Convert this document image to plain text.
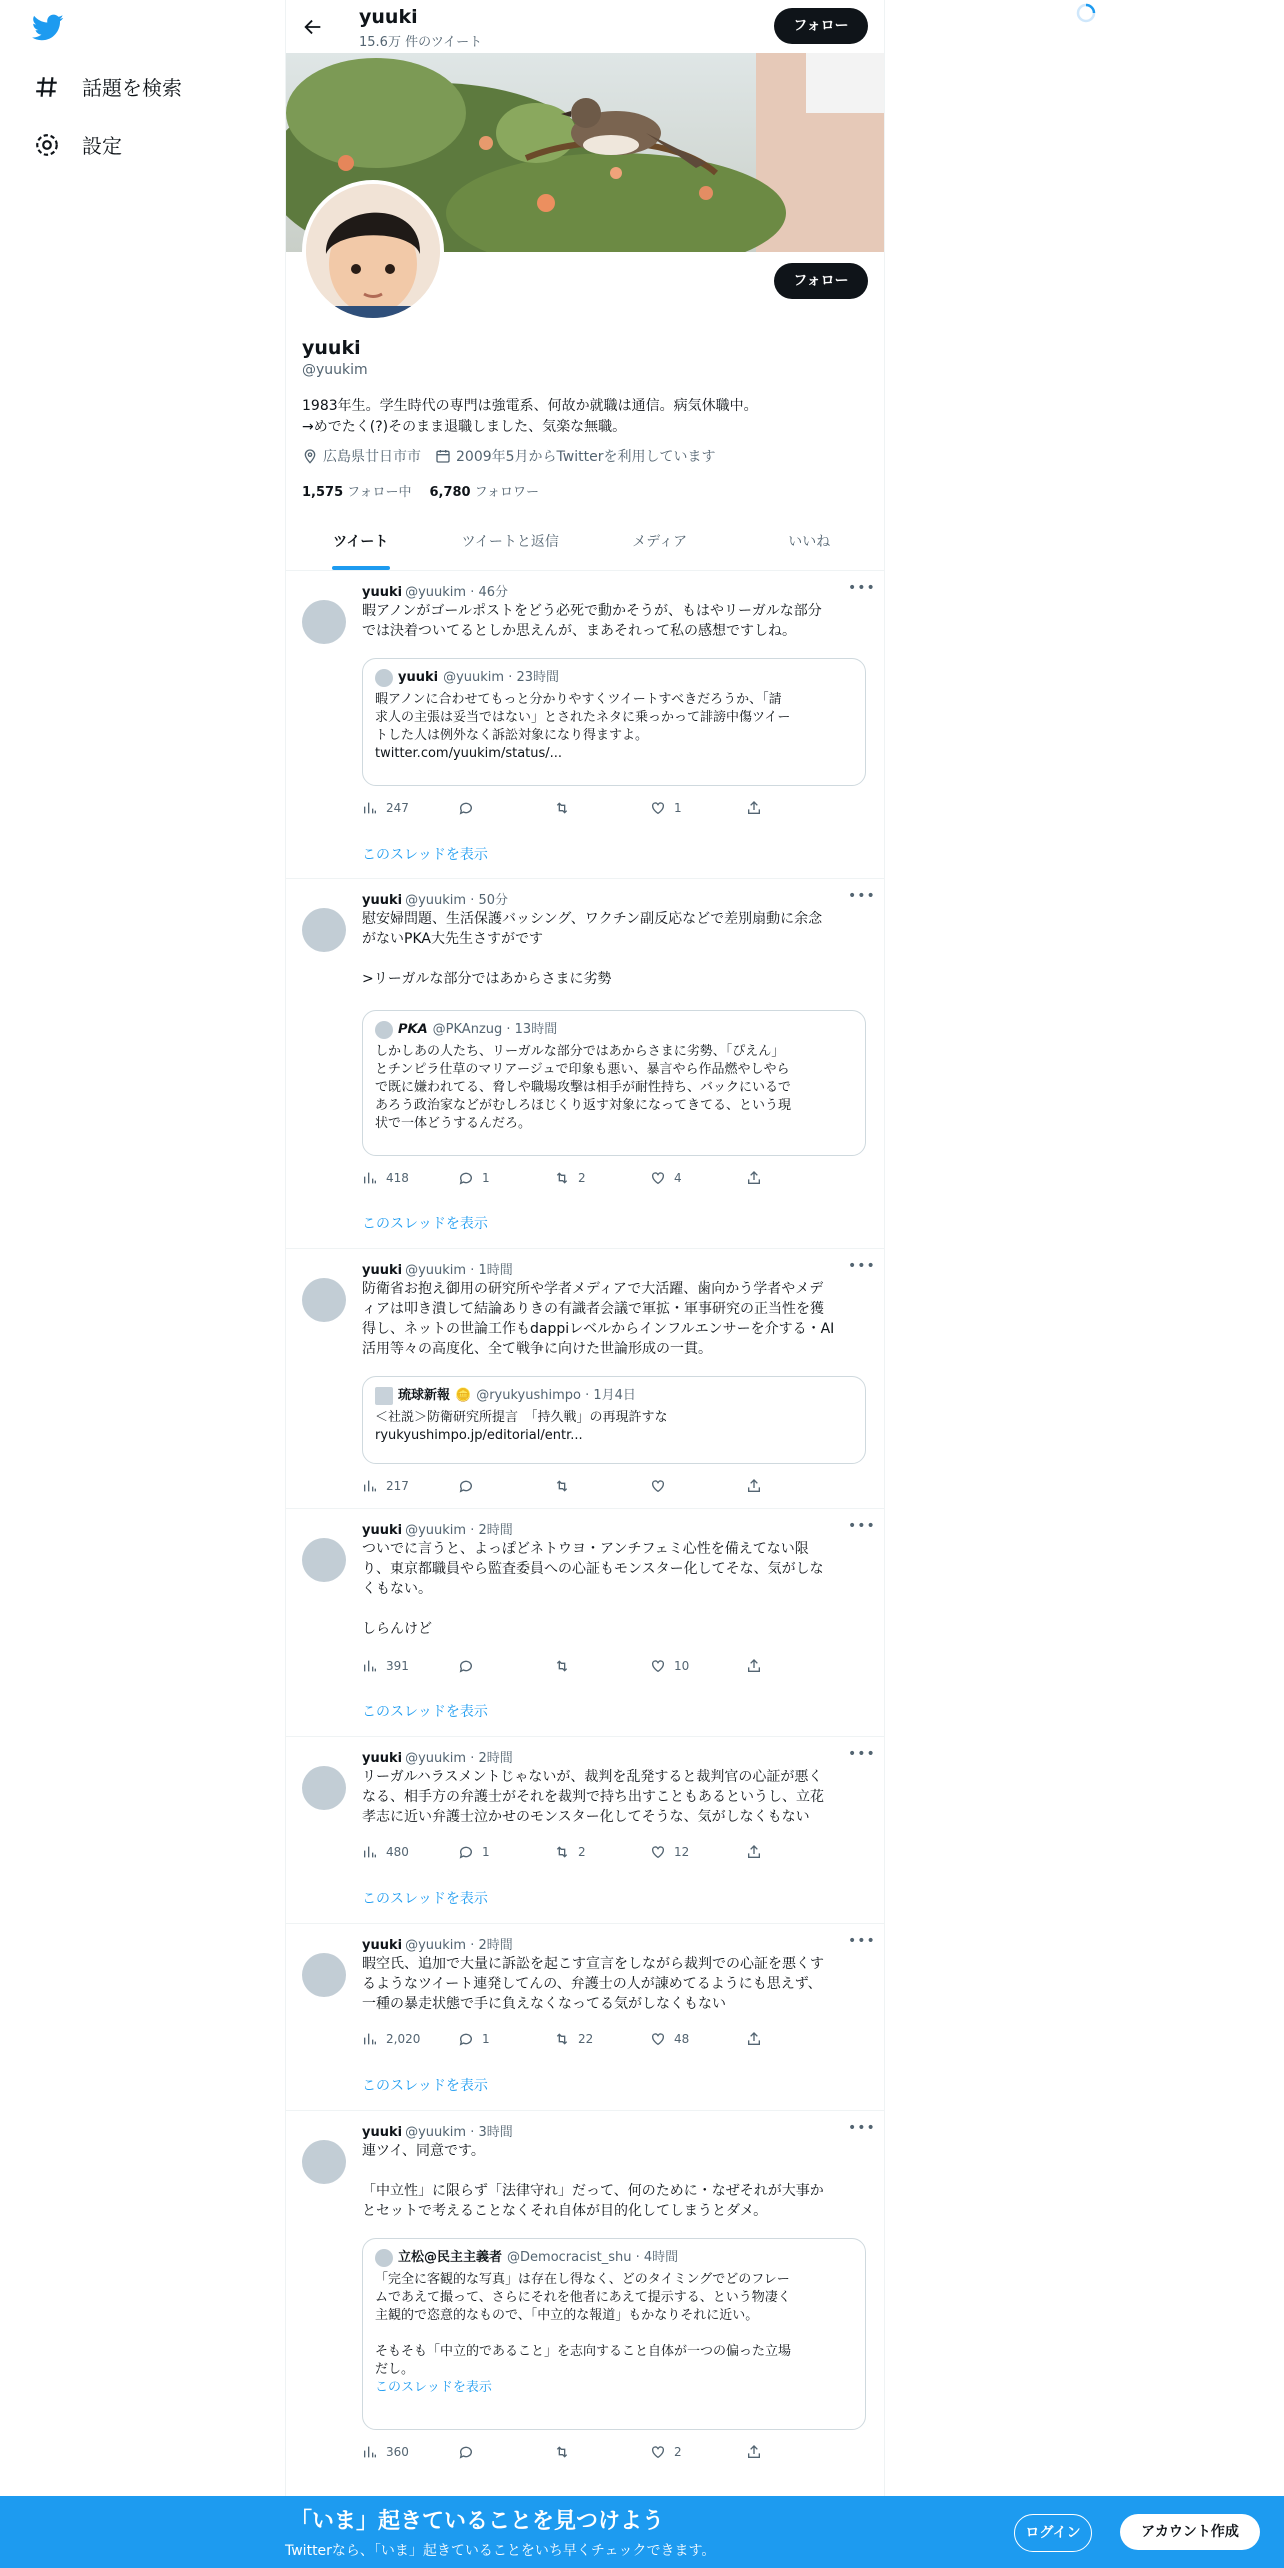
話題を検索
設定
yuuki
15.6万 件のツイート
フォロー
フォロー
yuuki
@yuukim
1983年生。学生時代の専門は強電系、何故か就職は通信。病気休職中。
→めでたく(?)そのまま退職しました、気楽な無職。
広島県廿日市市	2009年5月からTwitterを利用しています
1,575 フォロー中 6,780 フォロワー
ツイート	ツイートと返信	メディア	いいね
yuuki @yuukim · 46分	•••
暇アノンがゴールポストをどう必死で動かそうが、もはやリーガルな部分
では決着ついてるとしか思えんが、まあそれって私の感想ですしね。
yuuki @yuukim · 23時間
暇アノンに合わせてもっと分かりやすくツイートすべきだろうか、「請
求人の主張は妥当ではない」とされたネタに乗っかって誹謗中傷ツイー
トした人は例外なく訴訟対象になり得ますよ。
twitter.com/yuukim/status/...
247	1
このスレッドを表示
yuuki @yuukim · 50分	•••
慰安婦問題、生活保護バッシング、ワクチン副反応などで差別扇動に余念
がないPKA大先生さすがです

>リーガルな部分ではあからさまに劣勢
𝙋𝙆𝘼 @PKAnzug · 13時間
しかしあの人たち、リーガルな部分ではあからさまに劣勢、「ぴえん」
とチンピラ仕草のマリアージュで印象も悪い、暴言やら作品燃やしやら
で既に嫌われてる、脅しや職場攻撃は相手が耐性持ち、バックにいるで
あろう政治家などがむしろほじくり返す対象になってきてる、という現
状で一体どうするんだろ。
418	1	2	4
このスレッドを表示
yuuki @yuukim · 1時間	•••
防衛省お抱え御用の研究所や学者メディアで大活躍、歯向かう学者やメデ
ィアは叩き潰して結論ありきの有識者会議で軍拡・軍事研究の正当性を獲
得し、ネットの世論工作もdappiレベルからインフルエンサーを介する・AI
活用等々の高度化、全て戦争に向けた世論形成の一貫。
琉球新報 🪙 @ryukyushimpo · 1月4日
＜社説＞防衛研究所提言　「持久戦」の再現許すな
ryukyushimpo.jp/editorial/entr...
217
yuuki @yuukim · 2時間	•••
ついでに言うと、よっぽどネトウヨ・アンチフェミ心性を備えてない限
り、東京都職員やら監査委員への心証もモンスター化してそな、気がしな
くもない。

しらんけど
391	10
このスレッドを表示
yuuki @yuukim · 2時間	•••
リーガルハラスメントじゃないが、裁判を乱発すると裁判官の心証が悪く
なる、相手方の弁護士がそれを裁判で持ち出すこともあるというし、立花
孝志に近い弁護士泣かせのモンスター化してそうな、気がしなくもない
480	1	2	12
このスレッドを表示
yuuki @yuukim · 2時間	•••
暇空氏、追加で大量に訴訟を起こす宣言をしながら裁判での心証を悪くす
るようなツイート連発してんの、弁護士の人が諌めてるようにも思えず、
一種の暴走状態で手に負えなくなってる気がしなくもない
2,020	1	22	48
このスレッドを表示
yuuki @yuukim · 3時間	•••
連ツイ、同意です。

「中立性」に限らず「法律守れ」だって、何のために・なぜそれが大事か
とセットで考えることなくそれ自体が目的化してしまうとダメ。
立松@民主主義者 @Democracist_shu · 4時間
「完全に客観的な写真」は存在し得なく、どのタイミングでどのフレー
ムであえて撮って、さらにそれを他者にあえて提示する、という物凄く
主観的で恣意的なもので、「中立的な報道」もかなりそれに近い。

そもそも「中立的であること」を志向すること自体が一つの偏った立場
だし。
このスレッドを表示
360	2
「いま」起きていることを見つけよう
Twitterなら、「いま」起きていることをいち早くチェックできます。
ログイン	アカウント作成
